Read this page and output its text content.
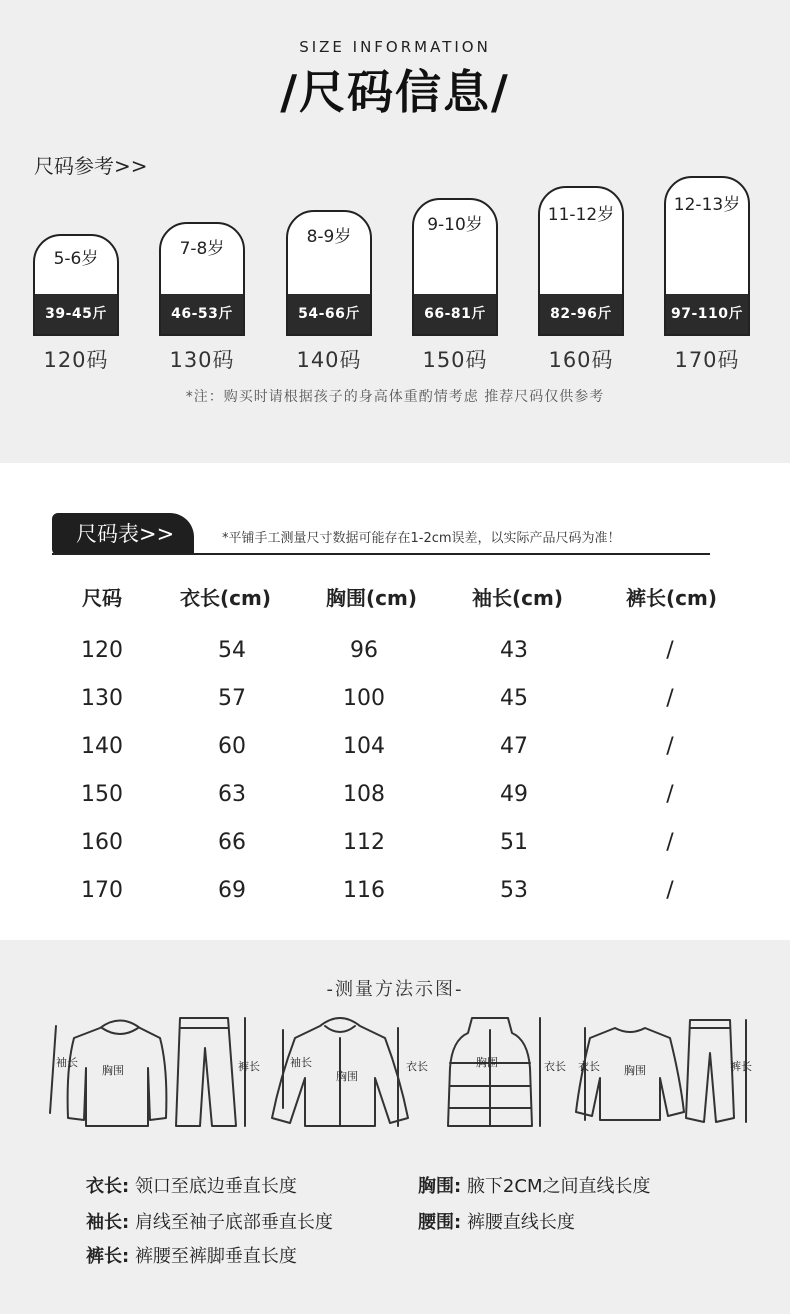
SIZE INFORMATION
/尺码信息/
尺码参考>>
5-6岁
39-45斤
120码
7-8岁
46-53斤
130码
8-9岁
54-66斤
140码
9-10岁
66-81斤
150码
11-12岁
82-96斤
160码
12-13岁
97-110斤
170码
*注：购买时请根据孩子的身高体重酌情考虑 推荐尺码仅供参考
尺码表>>	*平铺手工测量尺寸数据可能存在1-2cm误差，以实际产品尺码为准！
尺码	衣长(cm)	胸围(cm)	袖长(cm)	裤长(cm)
120	54	96	43	/
130	57	100	45	/
140	60	104	47	/
150	63	108	49	/
160	66	112	51	/
170	69	116	53	/
-测量方法示图-
袖长
胸围	裤长	袖长
胸围
衣长	胸围	衣长 衣长 胸围	裤长
衣长: 领口至底边垂直长度	胸围: 腋下2CM之间直线长度
袖长: 肩线至袖子底部垂直长度	腰围: 裤腰直线长度
裤长: 裤腰至裤脚垂直长度
